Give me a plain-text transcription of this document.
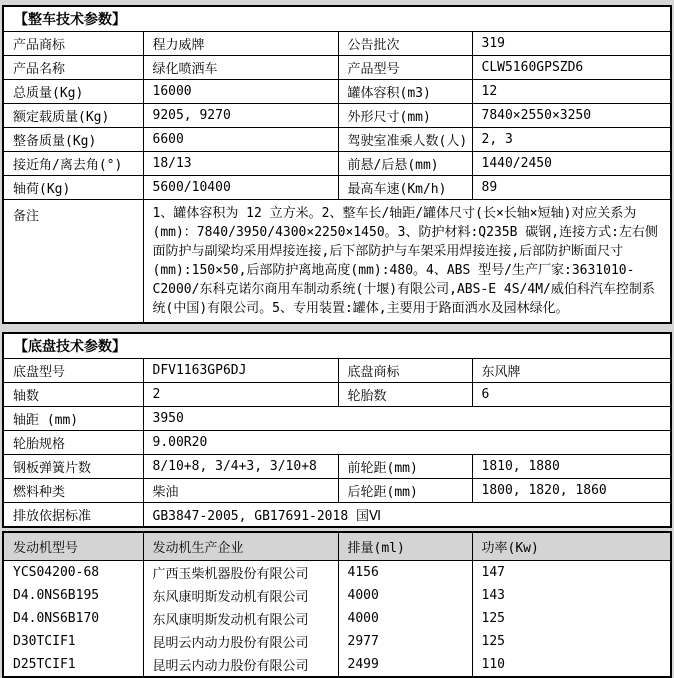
【整车技术参数】			
产品商标	程力威牌	公告批次	319
产品名称	绿化喷洒车	产品型号	CLW5160GPSZD6
总质量(Kg)	16000	罐体容积(m3)	12
额定载质量(Kg)	9205, 9270	外形尺寸(mm)	7840×2550×3250
整备质量(Kg)	6600	驾驶室准乘人数(人)	2, 3
接近角/离去角(°)	18/13	前悬/后悬(mm)	1440/2450
轴荷(Kg)	5600/10400	最高车速(Km/h)	89
备注	1、罐体容积为 12 立方米。2、整车长/轴距/罐体尺寸(长×长轴×短轴)对应关系为(mm)：7840/3950/4300×2250×1450。3、防护材料:Q235B 碳钢,连接方式:左右侧面防护与副梁均采用焊接连接,后下部防护与车架采用焊接连接,后部防护断面尺寸(mm):150×50,后部防护离地高度(mm):480。4、ABS 型号/生产厂家:3631010-C2000/东科克诺尔商用车制动系统(十堰)有限公司,ABS-E 4S/4M/威伯科汽车控制系统(中国)有限公司。5、专用装置:罐体,主要用于路面洒水及园林绿化。		
【底盘技术参数】			
底盘型号	DFV1163GP6DJ	底盘商标	东风牌
轴数	2	轮胎数	6
轴距 (mm)	3950		
轮胎规格	9.00R20		
钢板弹簧片数	8/10+8, 3/4+3, 3/10+8	前轮距(mm)	1810, 1880
燃料种类	柴油	后轮距(mm)	1800, 1820, 1860
排放依据标准	GB3847-2005, GB17691-2018 国Ⅵ		
发动机型号	发动机生产企业	排量(ml)	功率(Kw)
YCS04200-68	广西玉柴机器股份有限公司	4156	147
D4.0NS6B195	东风康明斯发动机有限公司	4000	143
D4.0NS6B170	东风康明斯发动机有限公司	4000	125
D30TCIF1	昆明云内动力股份有限公司	2977	125
D25TCIF1	昆明云内动力股份有限公司	2499	110
